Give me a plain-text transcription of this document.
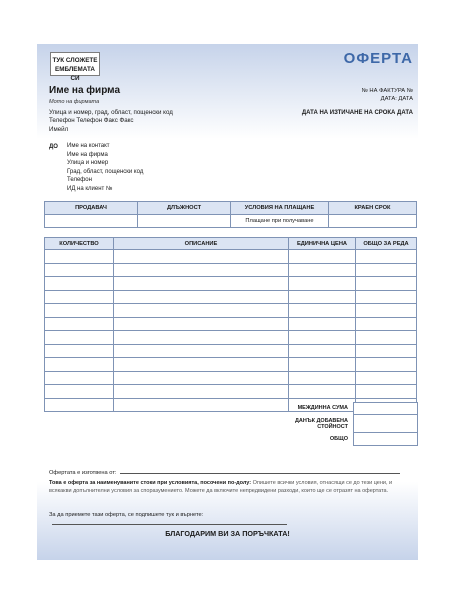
ТУК СЛОЖЕТЕ
ЕМБЛЕМАТА СИ
ОФЕРТА
Име на фирма
Мото на фирмата
№ НА ФАКТУРА №
ДАТА: ДАТА
Улица и номер, град, област, пощенски код
Телефон Телефон Факс Факс
Имейл
ДАТА НА ИЗТИЧАНЕ НА СРОКА ДАТА
ДО Име на контакт
Име на фирма
Улица и номер
Град, област, пощенски код
Телефон
ИД на клиент №
ПРОДАВАЧ	ДЛЪЖНОСТ	УСЛОВИЯ НА ПЛАЩАНЕ	КРАЕН СРОК
		Плащане при получаване	
КОЛИЧЕСТВО	ОПИСАНИЕ	ЕДИНИЧНА ЦЕНА	ОБЩО ЗА РЕДА

МЕЖДИННА СУМА
ДАНЪК ДОБАВЕНА
СТОЙНОСТ
ОБЩО
Офертата е изготвена от:
Това е оферта за наименуваните стоки при условията, посочени по-долу: Опишете всички условия, отнасящи се до тези цени, и всякакви допълнителни условия за споразумението. Можете да включите непредвидени разходи, които ще се отразят на офертата.
За да приемете тази оферта, се подпишете тук и върнете:
БЛАГОДАРИМ ВИ ЗА ПОРЪЧКАТА!
